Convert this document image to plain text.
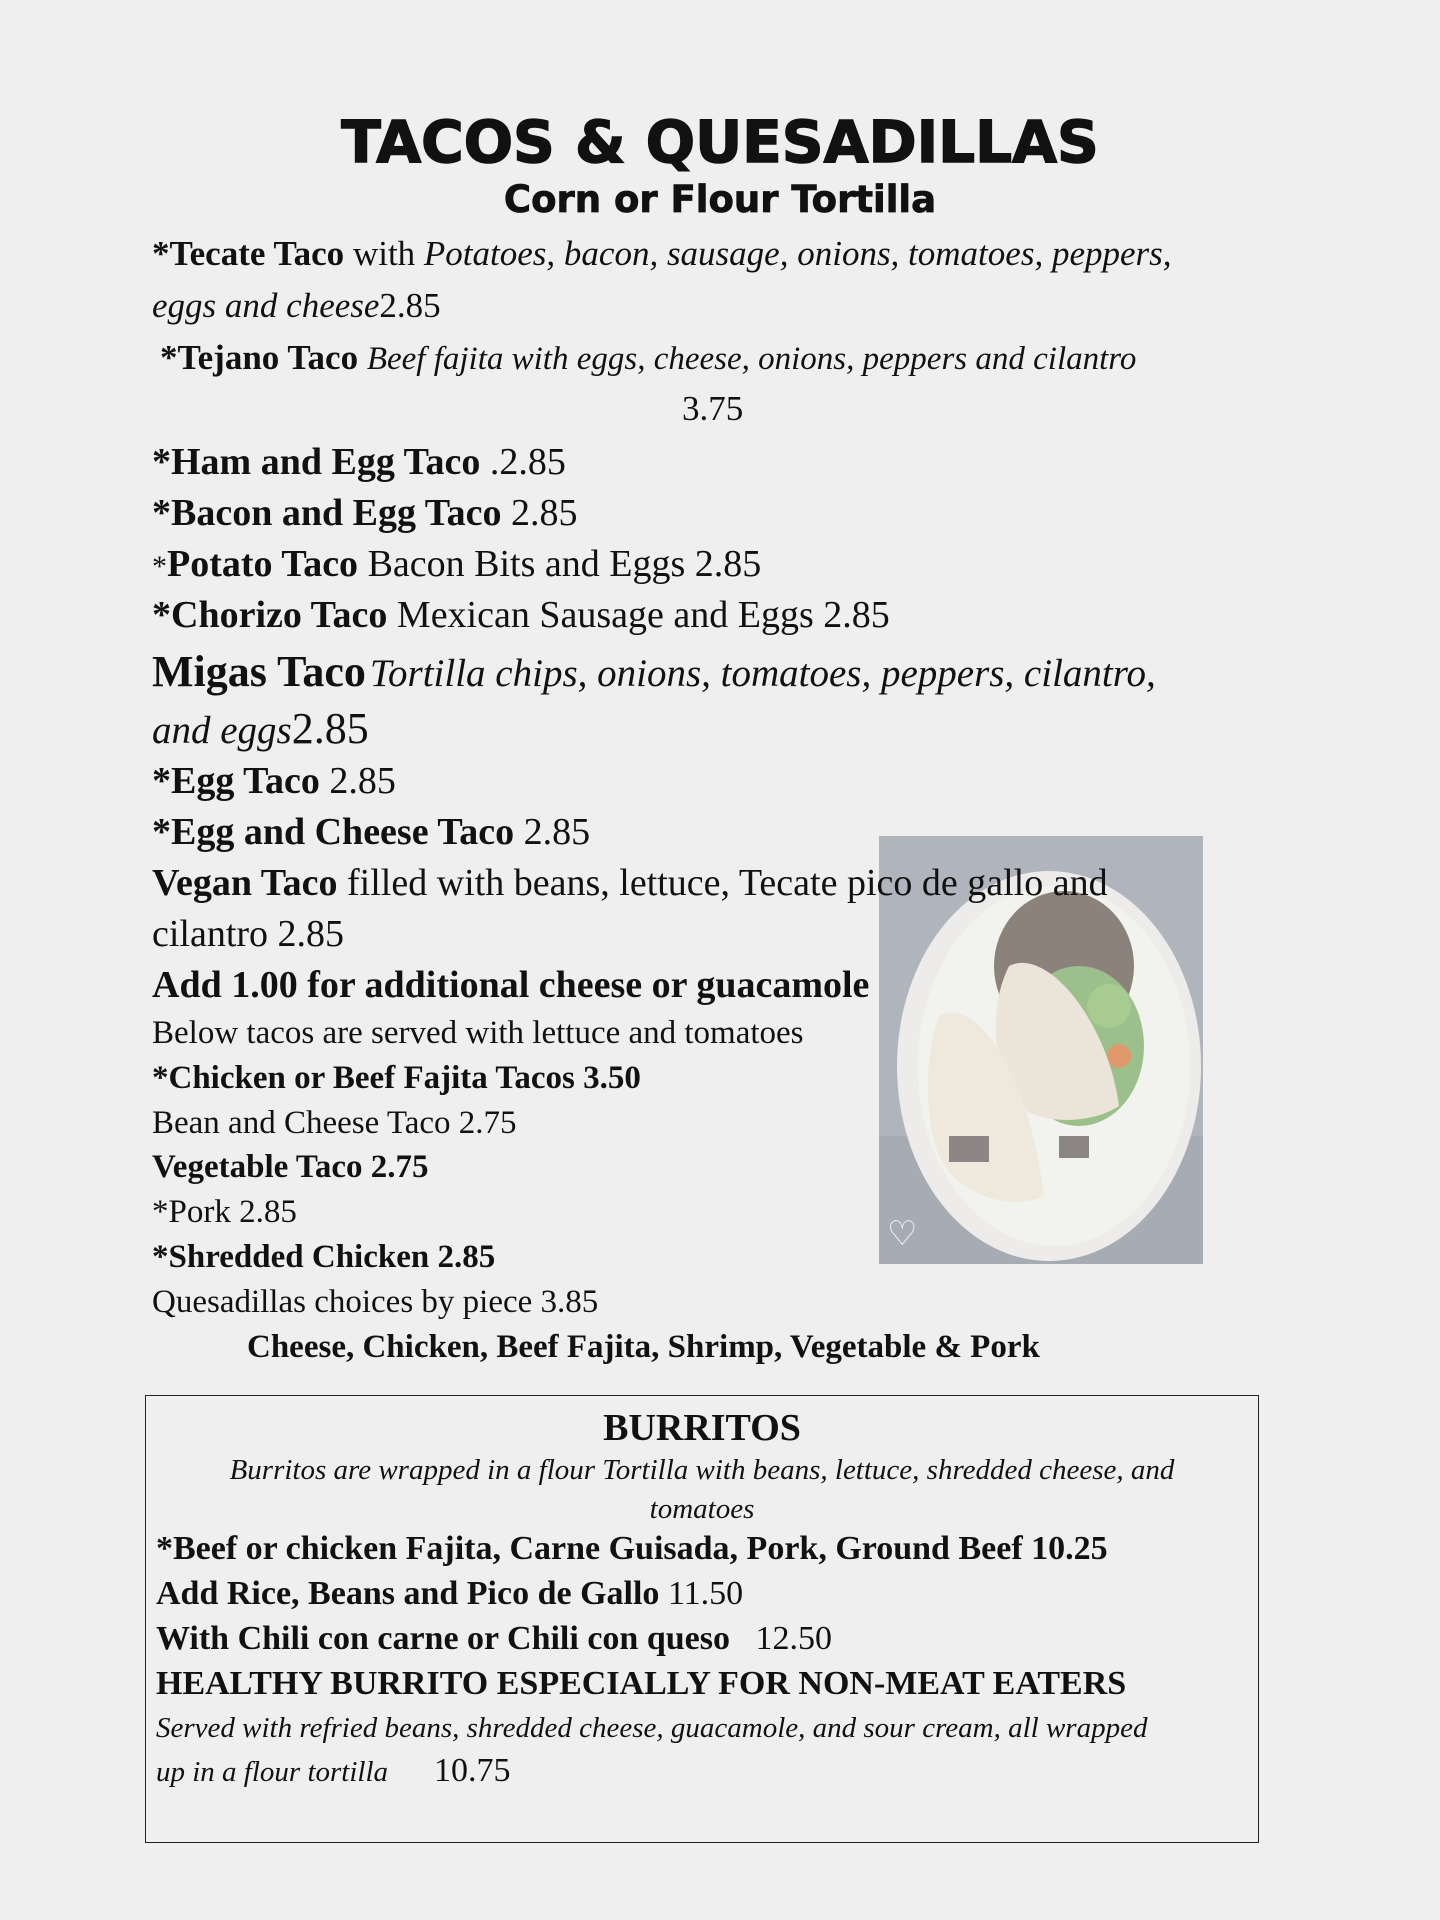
TACOS & QUESADILLAS
Corn or Flour Tortilla
♡
*Tecate Taco with Potatoes, bacon, sausage, onions, tomatoes, peppers,
eggs and cheese2.85
*Tejano Taco Beef fajita with eggs, cheese, onions, peppers and cilantro
3.75
*Ham and Egg Taco .2.85
*Bacon and Egg Taco 2.85
*Potato Taco Bacon Bits and Eggs 2.85
*Chorizo Taco Mexican Sausage and Eggs 2.85
Migas Taco Tortilla chips, onions, tomatoes, peppers, cilantro,
and eggs2.85
*Egg Taco 2.85
*Egg and Cheese Taco 2.85
Vegan Taco filled with beans, lettuce, Tecate pico de gallo and
cilantro 2.85
Add 1.00 for additional cheese or guacamole
Below tacos are served with lettuce and tomatoes
*Chicken or Beef Fajita Tacos 3.50
Bean and Cheese Taco 2.75
Vegetable Taco 2.75
*Pork 2.85
*Shredded Chicken 2.85
Quesadillas choices by piece 3.85
Cheese, Chicken, Beef Fajita, Shrimp, Vegetable & Pork
BURRITOS
Burritos are wrapped in a flour Tortilla with beans, lettuce, shredded cheese, and
tomatoes
*Beef or chicken Fajita, Carne Guisada, Pork, Ground Beef 10.25
Add Rice, Beans and Pico de Gallo 11.50
With Chili con carne or Chili con queso 12.50
HEALTHY BURRITO ESPECIALLY FOR NON-MEAT EATERS
Served with refried beans, shredded cheese, guacamole, and sour cream, all wrapped
up in a flour tortilla 10.75
